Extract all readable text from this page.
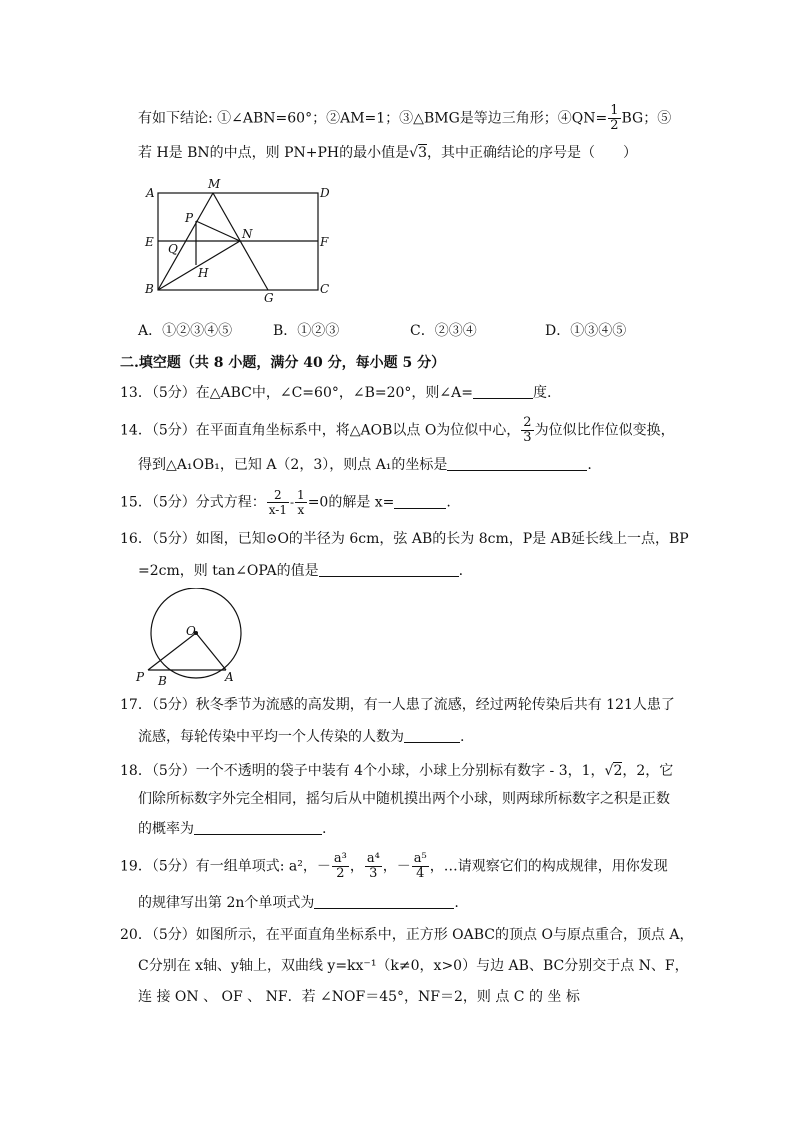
有如下结论: ①∠ABN=60°；②AM=1；③△BMG是等边三角形；④QN= $\frac{1}{2}$ BG；⑤
若 H是 BN的中点，则 PN+PH的最小值是√3，其中正确结论的序号是（　　）
A
M
D
P
E Q
N
F
H
B
G
C
A．①②③④⑤	B．①②③	C．②③④	D．①③④⑤
二.填空题（共 8 小题，满分 40 分，每小题 5 分）
13．（5分）在△ABC中，∠C=60°，∠B=20°，则∠A=	度.
14．（5分）在平面直角坐标系中，将△AOB以点 O为位似中心， $\frac{2}{3}$ 为位似比作位似变换，
得到△A₁OB₁，已知 A（2，3），则点 A₁的坐标是	.
15．（5分）分式方程： $\frac{2}{x-1} - \frac{1}{x} =0$的解是 x=	.
16．（5分）如图，已知⊙O的半径为 6cm，弦 AB的长为 8cm，P是 AB延长线上一点，BP
=2cm，则 tan∠OPA的值是	.
O
P B	A
17．（5分）秋冬季节为流感的高发期，有一人患了流感，经过两轮传染后共有 121人患了
流感，每轮传染中平均一个人传染的人数为	.
18．（5分）一个不透明的袋子中装有 4个小球，小球上分别标有数字 - 3，1，√2，2，它
们除所标数字外完全相同，摇匀后从中随机摸出两个小球，则两球所标数字之积是正数
的概率为	.
19．（5分）有一组单项式: a²，－ $\frac{\text{a³}}{2}$ ， $\frac{\text{a⁴}}{3}$ ，－ $\frac{\text{a⁵}}{4}$ ，…请观察它们的构成规律，用你发现
的规律写出第 2n个单项式为	.
20．（5分）如图所示，在平面直角坐标系中，正方形 OABC的顶点 O与原点重合，顶点 A，
C分别在 x轴、y轴上，双曲线 y=kx⁻¹（k≠0，x>0）与边 AB、BC分别交于点 N、F，
连 接 ON 、 OF 、 NF．若 ∠NOF＝45°，NF＝2，则 点 C 的 坐 标
